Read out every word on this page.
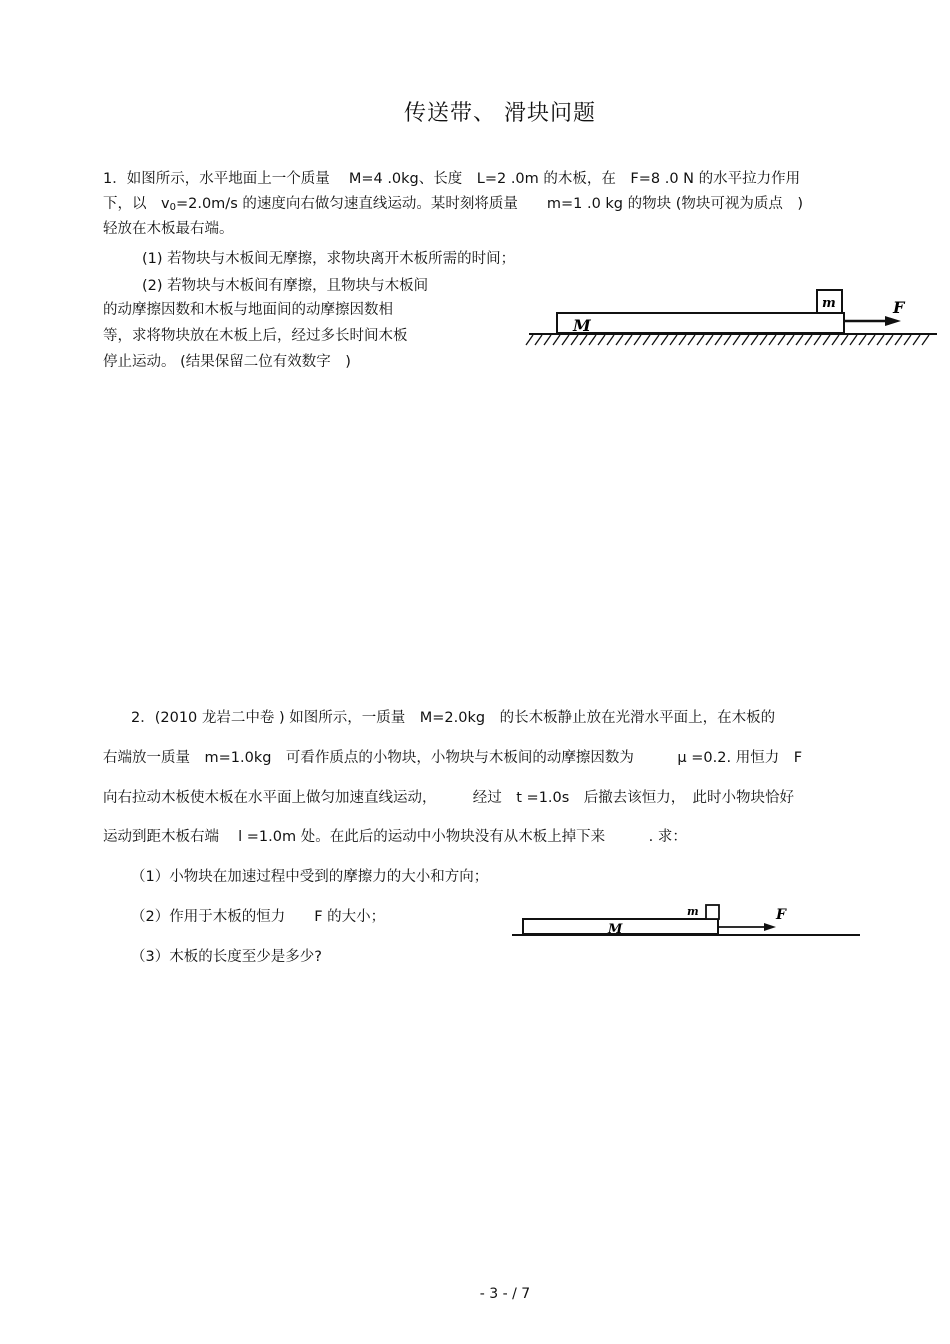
传送带、 滑块问题
1．如图所示，水平地面上一个质量　 M=4 .0kg、长度　L=2 .0m 的木板，在　F=8 .0 N 的水平拉力作用
下，以　$v_0=2.0m/s$ 的速度向右做匀速直线运动。某时刻将质量　　m=1 .0 kg 的物块 (物块可视为质点　)
轻放在木板最右端。
(1) 若物块与木板间无摩擦，求物块离开木板所需的时间；
(2) 若物块与木板间有摩擦，且物块与木板间
的动摩擦因数和木板与地面间的动摩擦因数相
等，求将物块放在木板上后，经过多长时间木板
停止运动。 (结果保留二位有效数字　)
M
m	F
2．(2010 龙岩二中卷 ) 如图所示，一质量　M=2.0kg　的长木板静止放在光滑水平面上，在木板的
右端放一质量　m=1.0kg　可看作质点的小物块，小物块与木板间的动摩擦因数为　　　μ =0.2. 用恒力　F
向右拉动木板使木板在水平面上做匀加速直线运动，　　　经过　t =1.0s　后撤去该恒力，　此时小物块恰好
运动到距木板右端　 l =1.0m 处。在此后的运动中小物块没有从木板上掉下来　　　. 求：
（1）小物块在加速过程中受到的摩擦力的大小和方向；
（2）作用于木板的恒力　　F 的大小；
（3）木板的长度至少是多少?
M
m	F
- 3 - / 7
